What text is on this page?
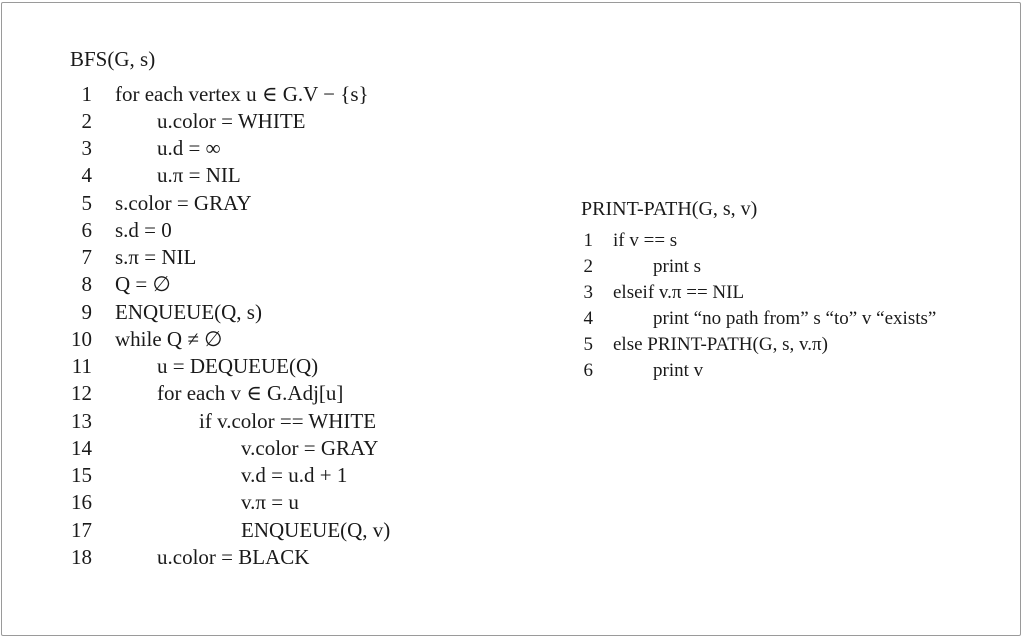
BFS(G, s)
1 for each vertex u ∈ G.V − {s}
2	u.color = WHITE
3	u.d = ∞
4	u.π = NIL
5 s.color = GRAY
6 s.d = 0
7 s.π = NIL
8 Q = ∅
9 ENQUEUE(Q, s)
10 while Q ≠ ∅
11	u = DEQUEUE(Q)
12	for each v ∈ G.Adj[u]
13	if v.color == WHITE
14	v.color = GRAY
15	v.d = u.d + 1
16	v.π = u
17	ENQUEUE(Q, v)
18	u.color = BLACK
PRINT-PATH(G, s, v)
1 if v == s
2	print s
3 elseif v.π == NIL
4	print “no path from” s “to” v “exists”
5 else PRINT-PATH(G, s, v.π)
6	print v
